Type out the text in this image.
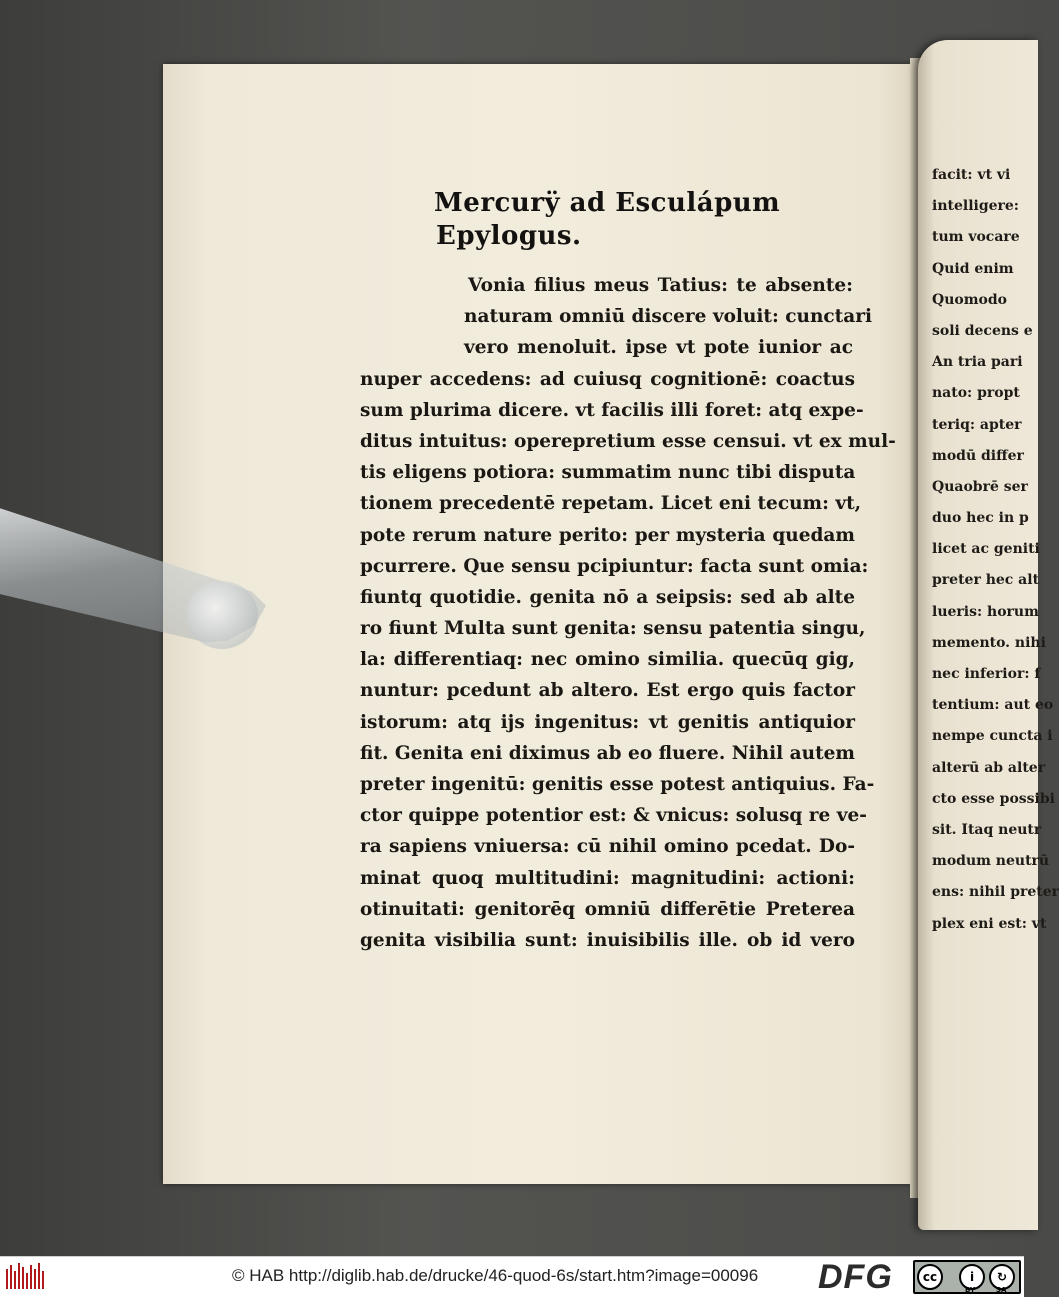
Mercurÿ ad Esculápum
Epylogus.
Vonia filius meus Tatius: te absente:
naturam omniū discere voluit: cunctari
vero menoluit. ipse vt pote iunior ac
nuper accedens: ad cuiusq cognitionē: coactus
sum plurima dicere. vt facilis illi foret: atq expe-
ditus intuitus: operepretium esse censui. vt ex mul-
tis eligens potiora: summatim nunc tibi disputa
tionem precedentē repetam. Licet eni tecum: vt,
pote rerum nature perito: per mysteria quedam
pcurrere. Que sensu pcipiuntur: facta sunt omia:
fiuntq quotidie. genita nō a seipsis: sed ab alte
ro fiunt Multa sunt genita: sensu patentia singu,
la: differentiaq: nec omino similia. quecūq gig,
nuntur: pcedunt ab altero. Est ergo quis factor
istorum: atq ijs ingenitus: vt genitis antiquior
fit. Genita eni diximus ab eo fluere. Nihil autem
preter ingenitū: genitis esse potest antiquius. Fa-
ctor quippe potentior est: & vnicus: solusq re ve-
ra sapiens vniuersa: cū nihil omino pcedat. Do-
minat quoq multitudini: magnitudini: actioni:
otinuitati: genitorēq omniū differētie Preterea
genita visibilia sunt: inuisibilis ille. ob id vero
facit: vt vi
intelligere:
tum vocare
Quid enim
Quomodo
soli decens e
An tria pari
nato: propt
teriq: apter
modū differ
Quaobrē ser
duo hec in p
licet ac geniti
preter hec alt
lueris: horum
memento. nihi
nec inferior: f
tentium: aut eo
nempe cuncta i
alterū ab alter
cto esse possibi
sit. Itaq neutr
modum neutrū
ens: nihil preter
plex eni est: vt
© HAB http://diglib.hab.de/drucke/46-quod-6s/start.htm?image=00096 DFG	cc	i	↻
BY	SA
